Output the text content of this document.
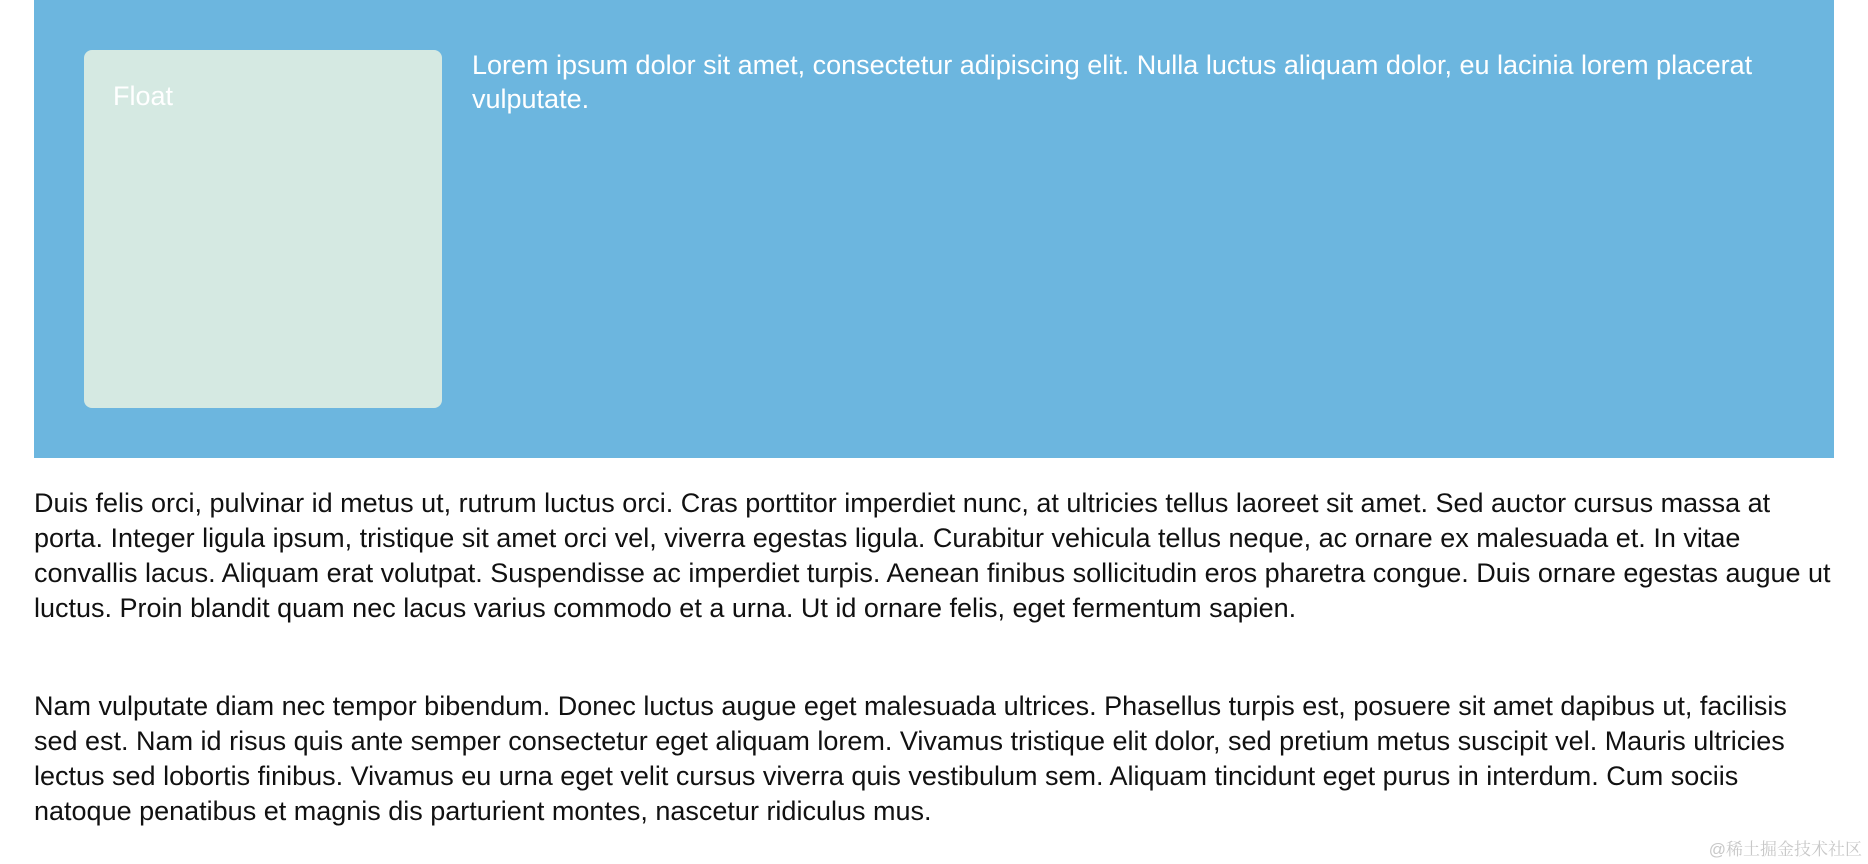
Float

Lorem ipsum dolor sit amet, consectetur adipiscing elit. Nulla luctus aliquam dolor, eu lacinia lorem placerat vulputate.

Duis felis orci, pulvinar id metus ut, rutrum luctus orci. Cras porttitor imperdiet nunc, at ultricies tellus laoreet sit amet. Sed auctor cursus massa at porta. Integer ligula ipsum, tristique sit amet orci vel, viverra egestas ligula. Curabitur vehicula tellus neque, ac ornare ex malesuada et. In vitae convallis lacus. Aliquam erat volutpat. Suspendisse ac imperdiet turpis. Aenean finibus sollicitudin eros pharetra congue. Duis ornare egestas augue ut luctus. Proin blandit quam nec lacus varius commodo et a urna. Ut id ornare felis, eget fermentum sapien.

Nam vulputate diam nec tempor bibendum. Donec luctus augue eget malesuada ultrices. Phasellus turpis est, posuere sit amet dapibus ut, facilisis sed est. Nam id risus quis ante semper consectetur eget aliquam lorem. Vivamus tristique elit dolor, sed pretium metus suscipit vel. Mauris ultricies lectus sed lobortis finibus. Vivamus eu urna eget velit cursus viverra quis vestibulum sem. Aliquam tincidunt eget purus in interdum. Cum sociis natoque penatibus et magnis dis parturient montes, nascetur ridiculus mus.

@稀土掘金技术社区
